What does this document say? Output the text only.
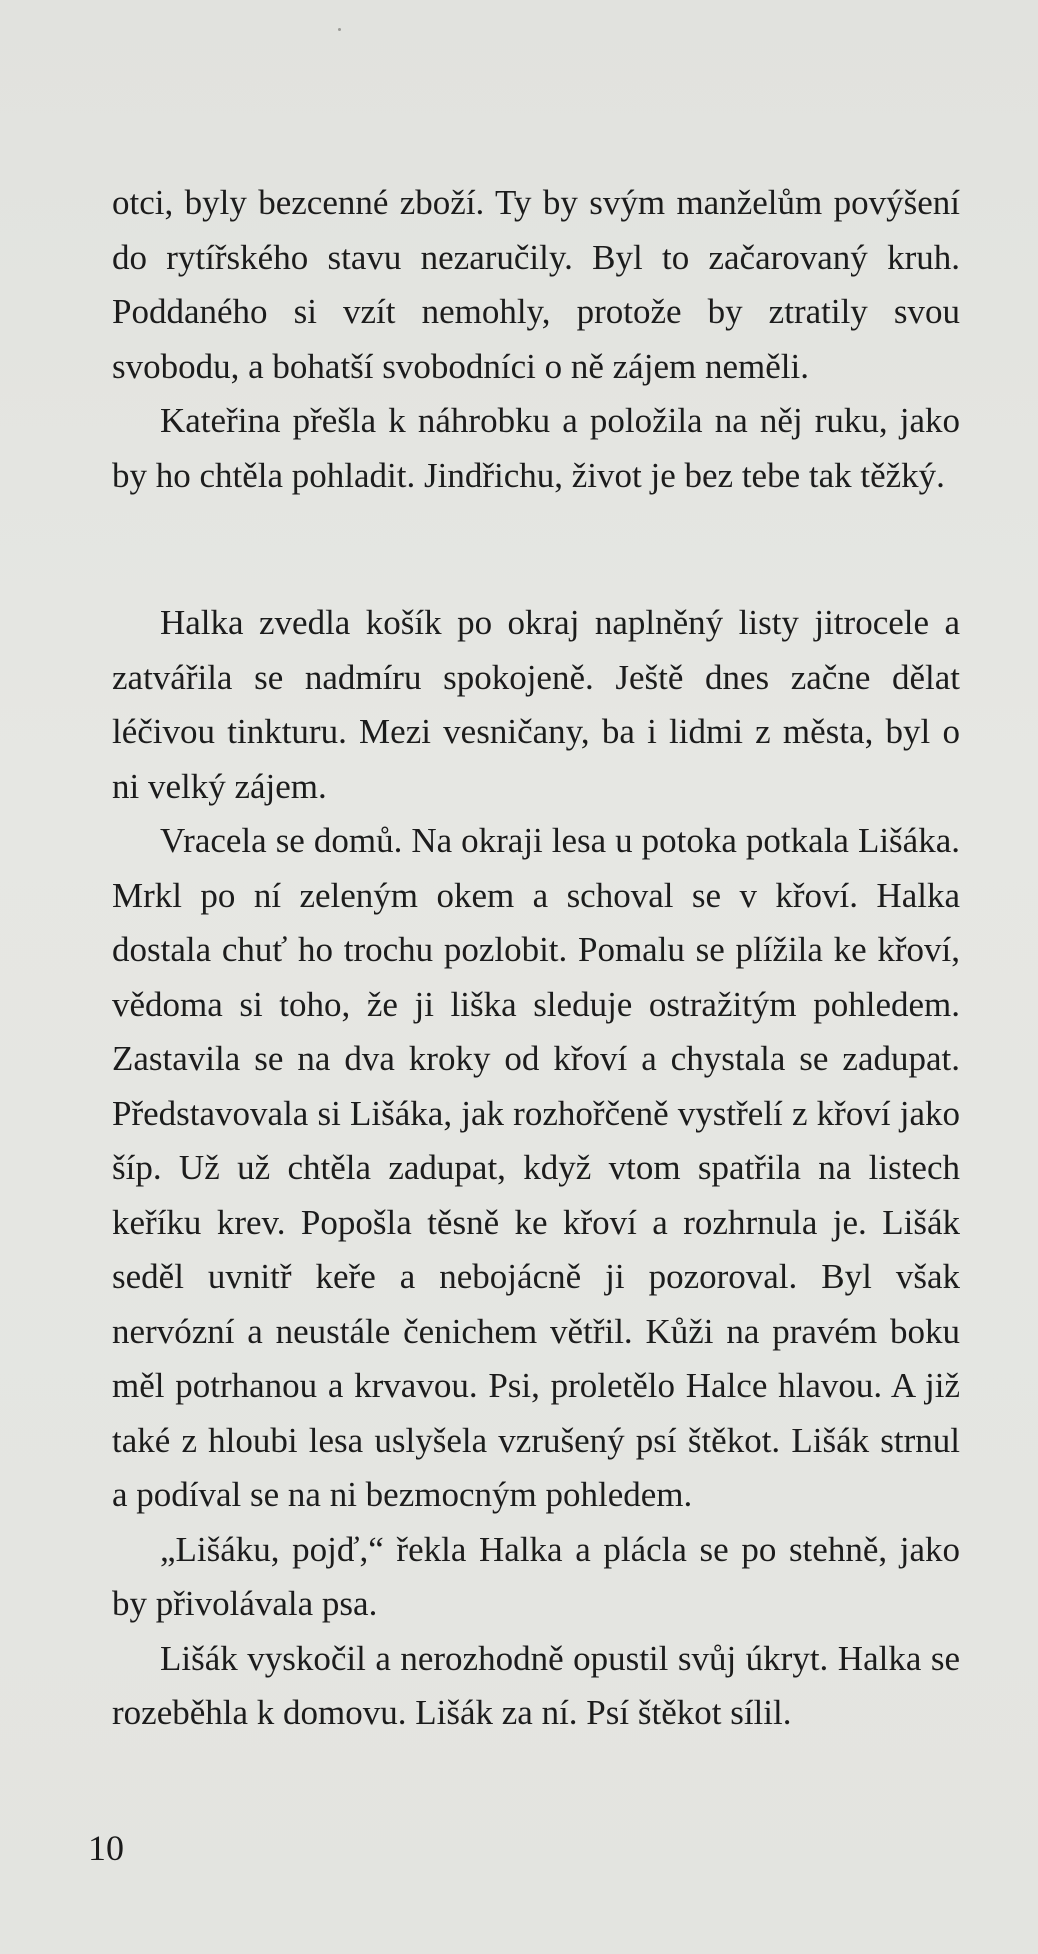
otci, byly bezcenné zboží. Ty by svým manželům povýšení do rytířského stavu nezaručily. Byl to začarovaný kruh. Poddaného si vzít nemohly, protože by ztratily svou svobodu, a bohatší svobodníci o ně zájem neměli.

Kateřina přešla k náhrobku a položila na něj ruku, jako by ho chtěla pohladit. Jindřichu, život je bez tebe tak těžký.

Halka zvedla košík po okraj naplněný listy jitrocele a zatvářila se nadmíru spokojeně. Ještě dnes začne dělat léčivou tinkturu. Mezi vesničany, ba i lidmi z města, byl o ni velký zájem.

Vracela se domů. Na okraji lesa u potoka potkala Lišáka. Mrkl po ní zeleným okem a schoval se v křoví. Halka dostala chuť ho trochu pozlobit. Pomalu se plížila ke křoví, vědoma si toho, že ji liška sleduje ostražitým pohledem. Zastavila se na dva kroky od křoví a chystala se zadupat. Představovala si Lišáka, jak rozhořčeně vystřelí z křoví jako šíp. Už už chtěla zadupat, když vtom spatřila na listech keříku krev. Popošla těsně ke křoví a rozhrnula je. Lišák seděl uvnitř keře a nebojácně ji pozoroval. Byl však nervózní a neustále čenichem větřil. Kůži na pravém boku měl potrhanou a krvavou. Psi, proletělo Halce hlavou. A již také z hloubi lesa uslyšela vzrušený psí štěkot. Lišák strnul a podíval se na ni bezmocným pohledem.

„Lišáku, pojď,“ řekla Halka a plácla se po stehně, jako by přivolávala psa.

Lišák vyskočil a nerozhodně opustil svůj úkryt. Halka se rozeběhla k domovu. Lišák za ní. Psí štěkot sílil.

10
